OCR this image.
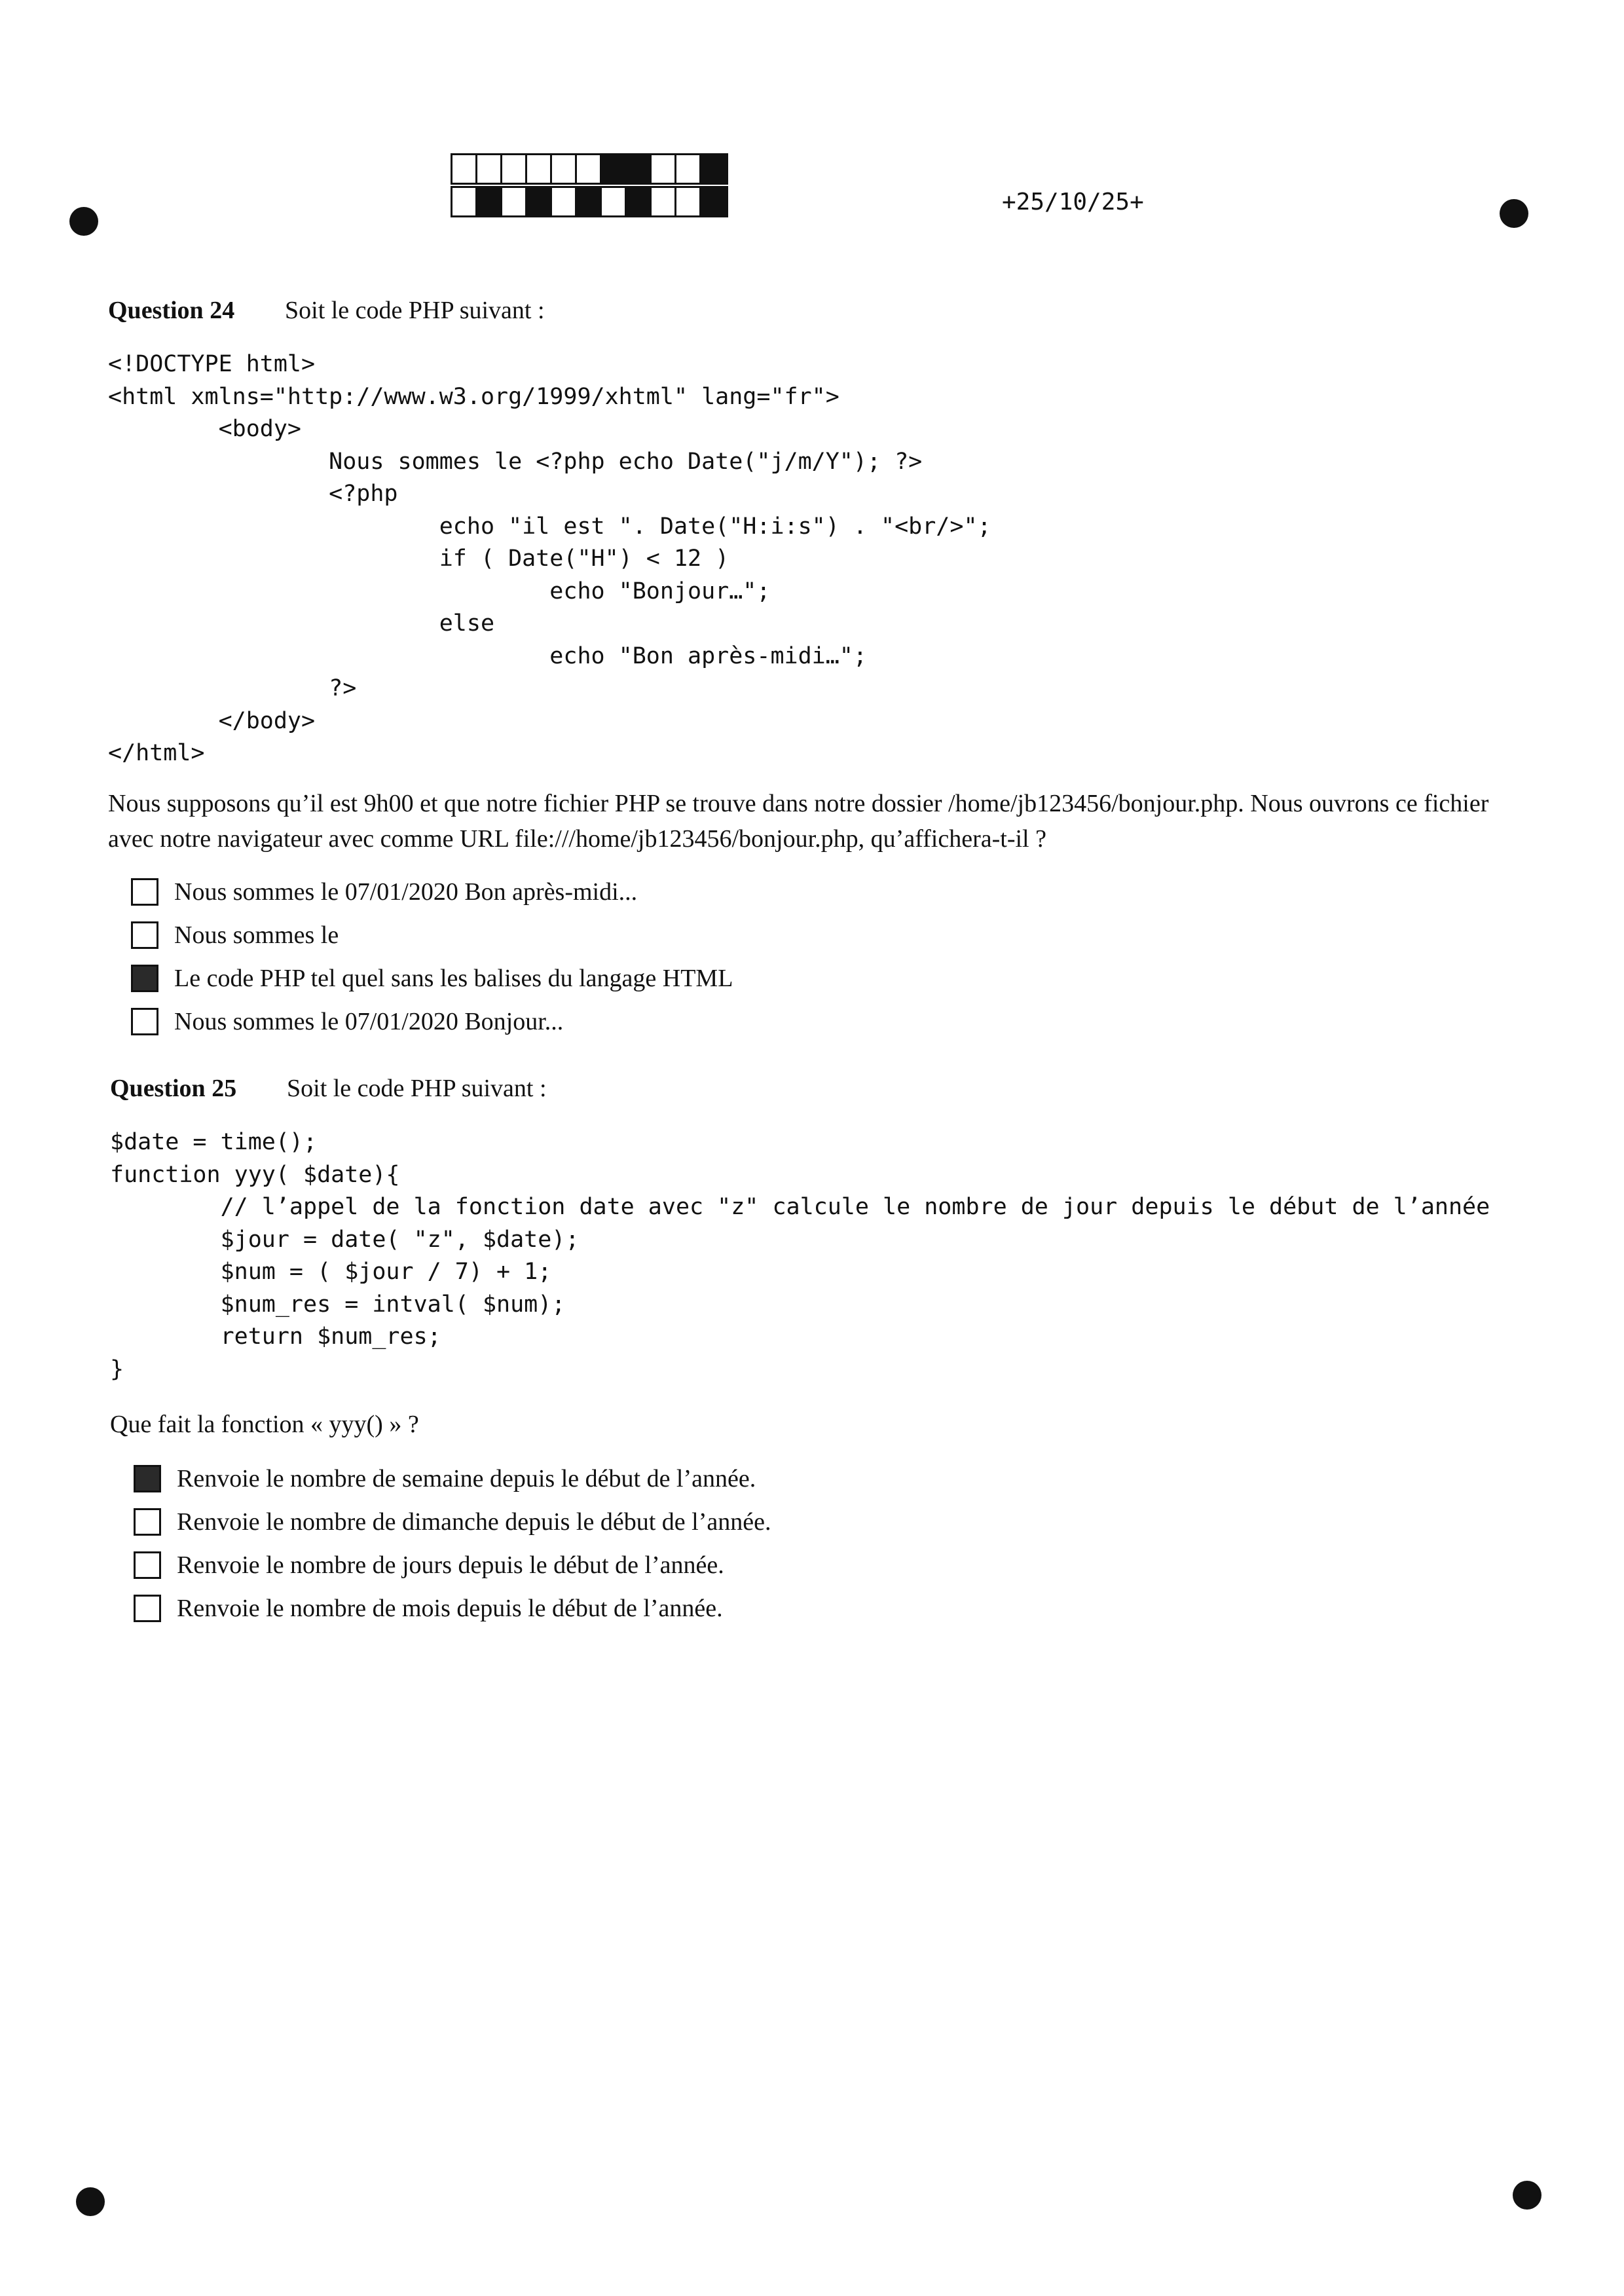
+25/10/25+
Question 24 Soit le code PHP suivant :
<!DOCTYPE html>
<html xmlns="http://www.w3.org/1999/xhtml" lang="fr">
<body>
Nous sommes le <?php echo Date("j/m/Y"); ?>
<?php
echo "il est ". Date("H:i:s") . "<br/>";
if ( Date("H") < 12 )
echo "Bonjour…";
else
echo "Bon après-midi…";
?>
</body>
</html>

Nous supposons qu’il est 9h00 et que notre fichier PHP se trouve dans notre dossier /home/jb123456/bonjour.php. Nous ouvrons ce fichier avec notre navigateur avec comme URL file:///home/jb123456/bonjour.php, qu’affichera-t-il ?

Nous sommes le 07/01/2020 Bon après-midi...
Nous sommes le
Le code PHP tel quel sans les balises du langage HTML
Nous sommes le 07/01/2020 Bonjour...
Question 25 Soit le code PHP suivant :
$date = time();
function yyy( $date){
// l’appel de la fonction date avec "z" calcule le nombre de jour depuis le début de l’année
$jour = date( "z", $date);
$num = ( $jour / 7) + 1;
$num_res = intval( $num);
return $num_res;
}

Que fait la fonction « yyy() » ?

Renvoie le nombre de semaine depuis le début de l’année.
Renvoie le nombre de dimanche depuis le début de l’année.
Renvoie le nombre de jours depuis le début de l’année.
Renvoie le nombre de mois depuis le début de l’année.
